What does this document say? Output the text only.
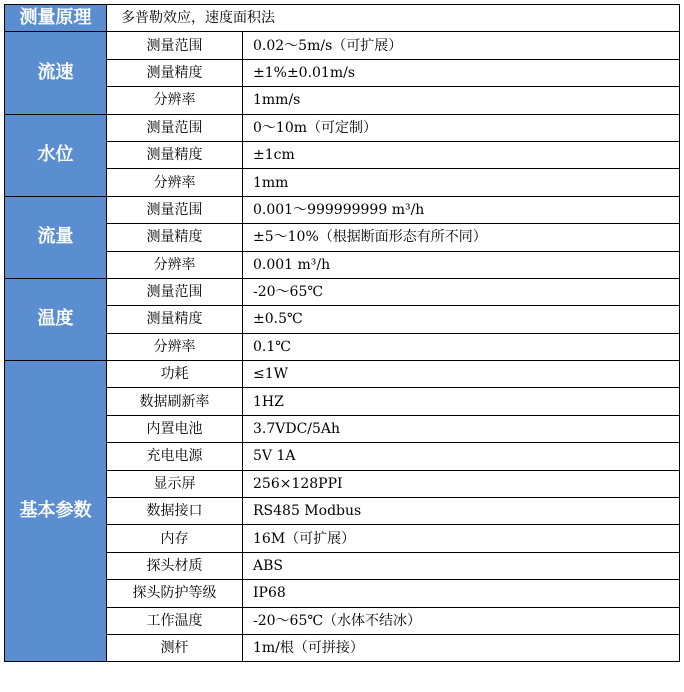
测量原理	多普勒效应，速度面积法	
流速	测量范围	0.02～5m/s（可扩展）
	测量精度	±1%±0.01m/s
	分辨率	1mm/s
水位	测量范围	0～10m（可定制）
	测量精度	±1cm
	分辨率	1mm
流量	测量范围	0.001～999999999 m³/h
	测量精度	±5～10%（根据断面形态有所不同）
	分辨率	0.001 m³/h
温度	测量范围	-20～65℃
	测量精度	±0.5℃
	分辨率	0.1℃
基本参数	功耗	≤1W
	数据刷新率	1HZ
	内置电池	3.7VDC/5Ah
	充电电源	5V 1A
	显示屏	256×128PPI
	数据接口	RS485 Modbus
	内存	16M（可扩展）
	探头材质	ABS
	探头防护等级	IP68
	工作温度	-20～65℃（水体不结冰）
	测杆	1m/根（可拼接）
